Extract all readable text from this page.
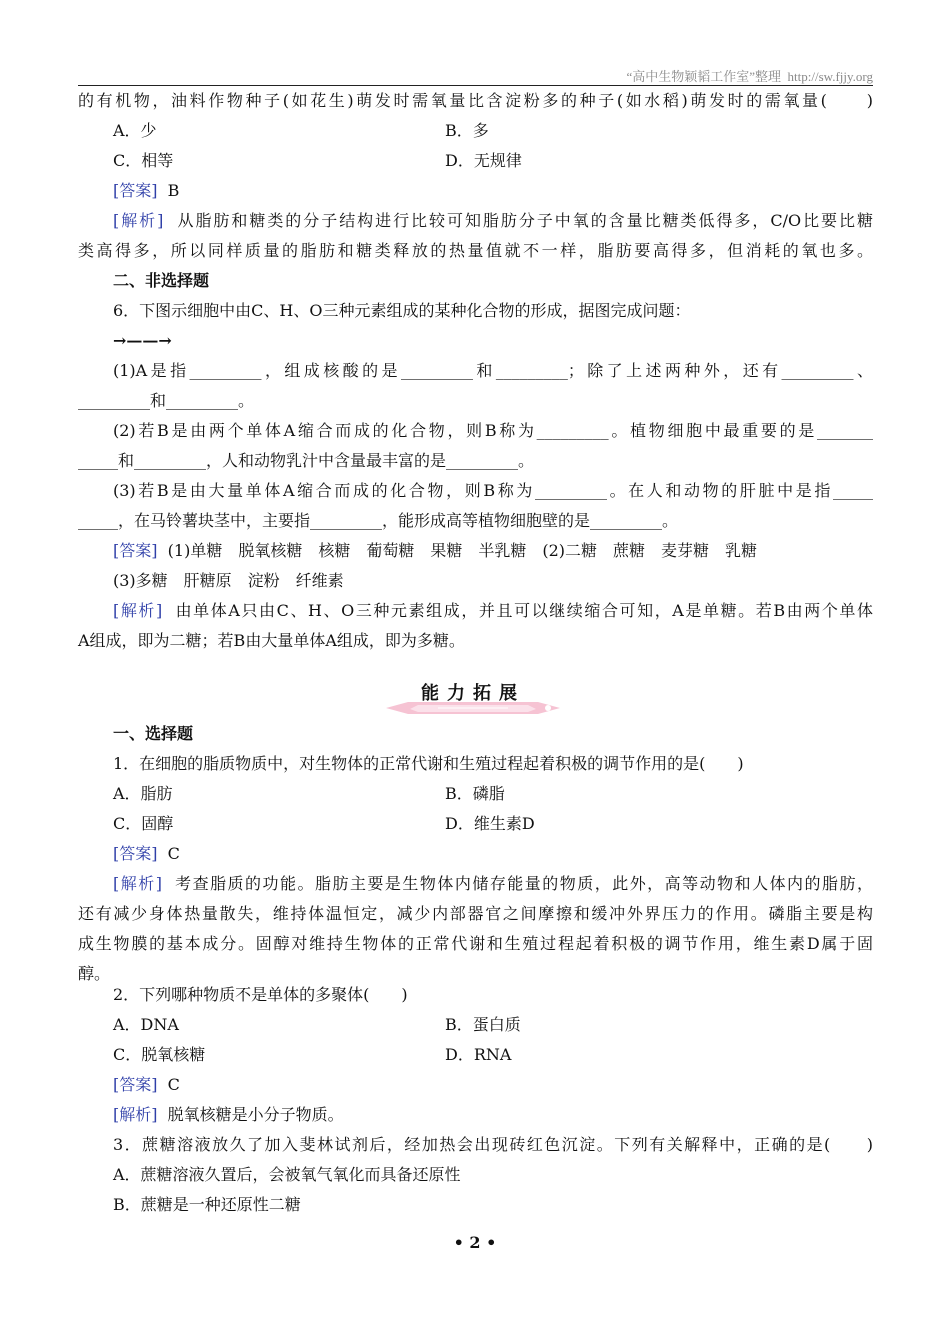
“高中生物颖韬工作室”整理 http://sw.fjjy.org
的有机物，油料作物种子(如花生)萌发时需氧量比含淀粉多的种子(如水稻)萌发时的需氧量(　　)
A．少	B．多
C．相等	D．无规律
[答案] B
[解析] 从脂肪和糖类的分子结构进行比较可知脂肪分子中氧的含量比糖类低得多，C/O比要比糖
类高得多，所以同样质量的脂肪和糖类释放的热量值就不一样，脂肪要高得多，但消耗的氧也多。
二、非选择题
6．下图示细胞中由C、H、O三种元素组成的某种化合物的形成，据图完成问题：
→——→
(1)A是指_________，组成核酸的是_________和_________；除了上述两种外，还有_________、
_________和_________。
(2)若B是由两个单体A缩合而成的化合物，则B称为_________。植物细胞中最重要的是_______
_____和_________，人和动物乳汁中含量最丰富的是_________。
(3)若B是由大量单体A缩合而成的化合物，则B称为_________。在人和动物的肝脏中是指_____
_____，在马铃薯块茎中，主要指_________，能形成高等植物细胞壁的是_________。
[答案] (1)单糖　脱氧核糖　核糖　葡萄糖　果糖　半乳糖　(2)二糖　蔗糖　麦芽糖　乳糖
(3)多糖　肝糖原　淀粉　纤维素
[解析] 由单体A只由C、H、O三种元素组成，并且可以继续缩合可知，A是单糖。若B由两个单体
A组成，即为二糖；若B由大量单体A组成，即为多糖。
能力拓展
一、选择题
1．在细胞的脂质物质中，对生物体的正常代谢和生殖过程起着积极的调节作用的是(　　)
A．脂肪	B．磷脂
C．固醇	D．维生素D
[答案] C
[解析] 考查脂质的功能。脂肪主要是生物体内储存能量的物质，此外，高等动物和人体内的脂肪，
还有减少身体热量散失，维持体温恒定，减少内部器官之间摩擦和缓冲外界压力的作用。磷脂主要是构
成生物膜的基本成分。固醇对维持生物体的正常代谢和生殖过程起着积极的调节作用，维生素D属于固
醇。
2．下列哪种物质不是单体的多聚体(　　)
A．DNA	B．蛋白质
C．脱氧核糖	D．RNA
[答案] C
[解析] 脱氧核糖是小分子物质。
3．蔗糖溶液放久了加入斐林试剂后，经加热会出现砖红色沉淀。下列有关解释中，正确的是(　　)
A．蔗糖溶液久置后，会被氧气氧化而具备还原性
B．蔗糖是一种还原性二糖
• 2 •
